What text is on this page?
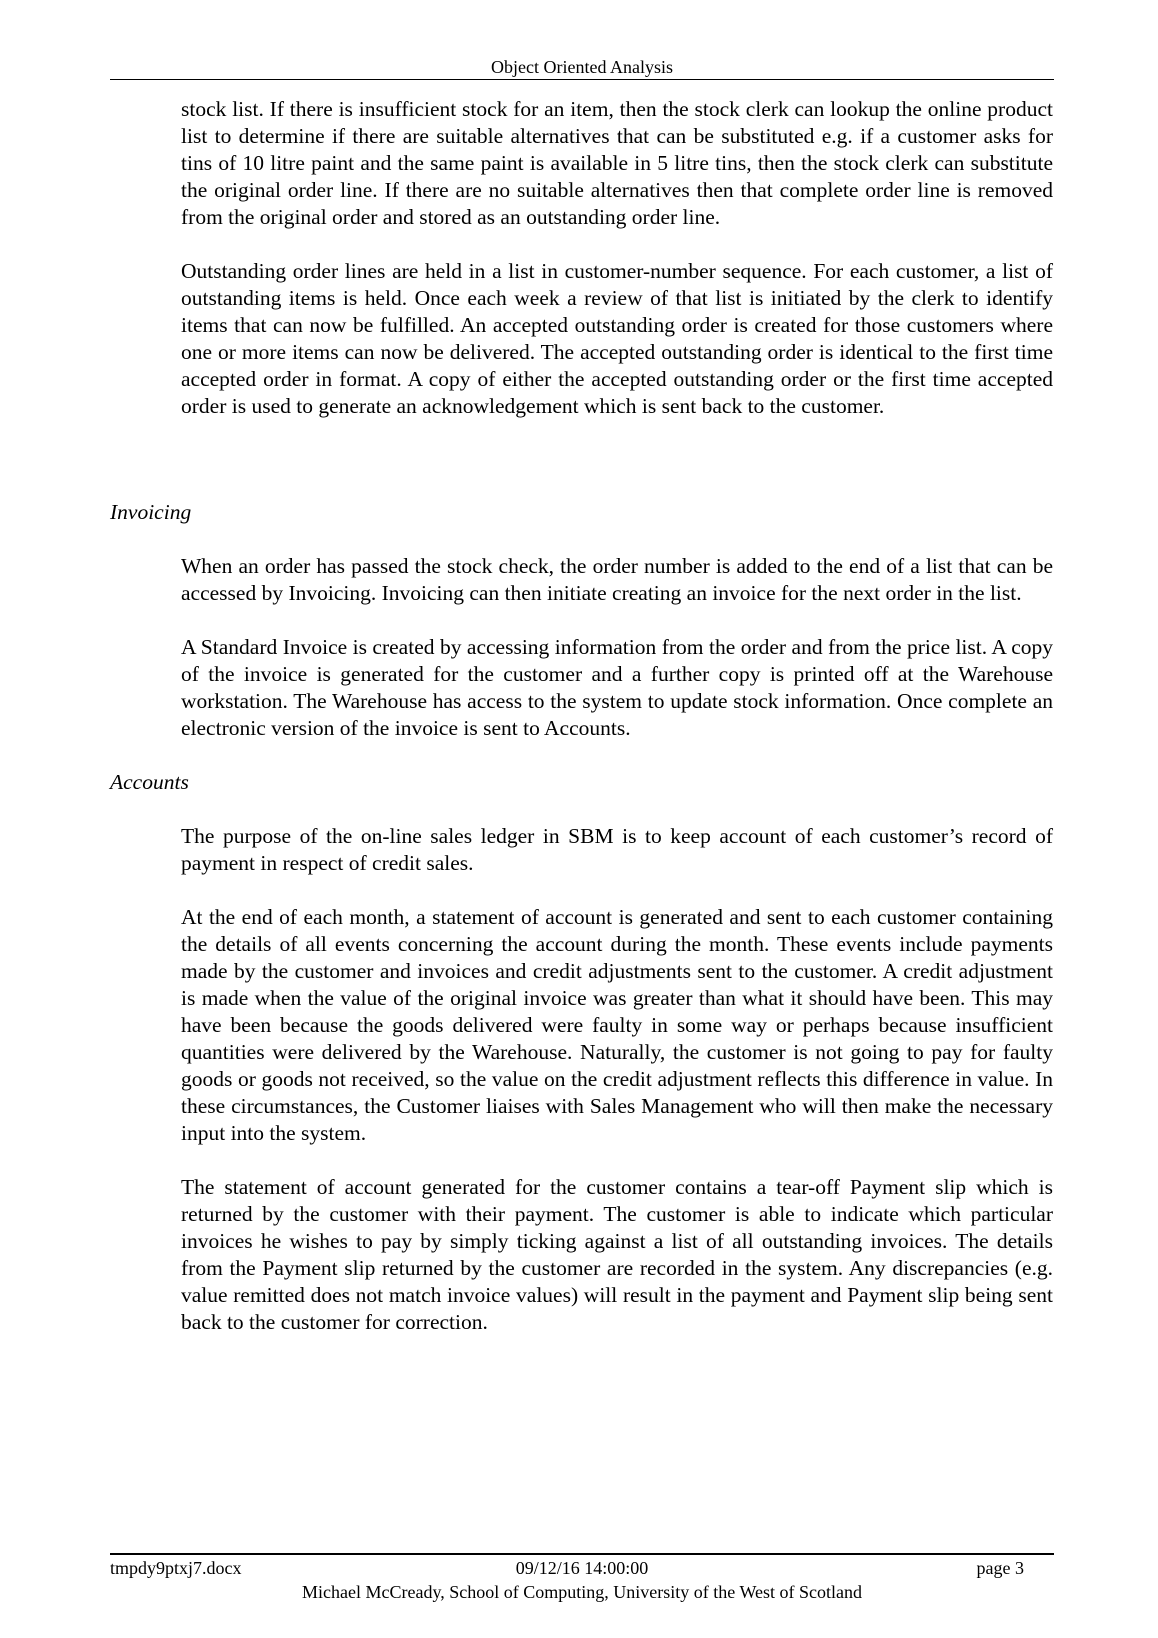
Object Oriented Analysis

stock list. If there is insufficient stock for an item, then the stock clerk can lookup the online product list to determine if there are suitable alternatives that can be substituted e.g. if a customer asks for tins of 10 litre paint and the same paint is available in 5 litre tins, then the stock clerk can substitute the original order line. If there are no suitable alternatives then that complete order line is removed from the original order and stored as an outstanding order line.

Outstanding order lines are held in a list in customer-number sequence. For each customer, a list of outstanding items is held. Once each week a review of that list is initiated by the clerk to identify items that can now be fulfilled. An accepted outstanding order is created for those customers where one or more items can now be delivered. The accepted outstanding order is identical to the first time accepted order in format. A copy of either the accepted outstanding order or the first time accepted order is used to generate an acknowledgement which is sent back to the customer.

Invoicing

When an order has passed the stock check, the order number is added to the end of a list that can be accessed by Invoicing. Invoicing can then initiate creating an invoice for the next order in the list.

A Standard Invoice is created by accessing information from the order and from the price list. A copy of the invoice is generated for the customer and a further copy is printed off at the Warehouse workstation. The Warehouse has access to the system to update stock information. Once complete an electronic version of the invoice is sent to Accounts.

Accounts

The purpose of the on-line sales ledger in SBM is to keep account of each customer’s record of payment in respect of credit sales.

At the end of each month, a statement of account is generated and sent to each customer containing the details of all events concerning the account during the month. These events include payments made by the customer and invoices and credit adjustments sent to the customer. A credit adjustment is made when the value of the original invoice was greater than what it should have been. This may have been because the goods delivered were faulty in some way or perhaps because insufficient quantities were delivered by the Warehouse. Naturally, the customer is not going to pay for faulty goods or goods not received, so the value on the credit adjustment reflects this difference in value. In these circumstances, the Customer liaises with Sales Management who will then make the necessary input into the system.

The statement of account generated for the customer contains a tear-off Payment slip which is returned by the customer with their payment. The customer is able to indicate which particular invoices he wishes to pay by simply ticking against a list of all outstanding invoices. The details from the Payment slip returned by the customer are recorded in the system. Any discrepancies (e.g. value remitted does not match invoice values) will result in the payment and Payment slip being sent back to the customer for correction.

tmpdy9ptxj7.docx	09/12/16 14:00:00	page 3
Michael McCready, School of Computing, University of the West of Scotland
